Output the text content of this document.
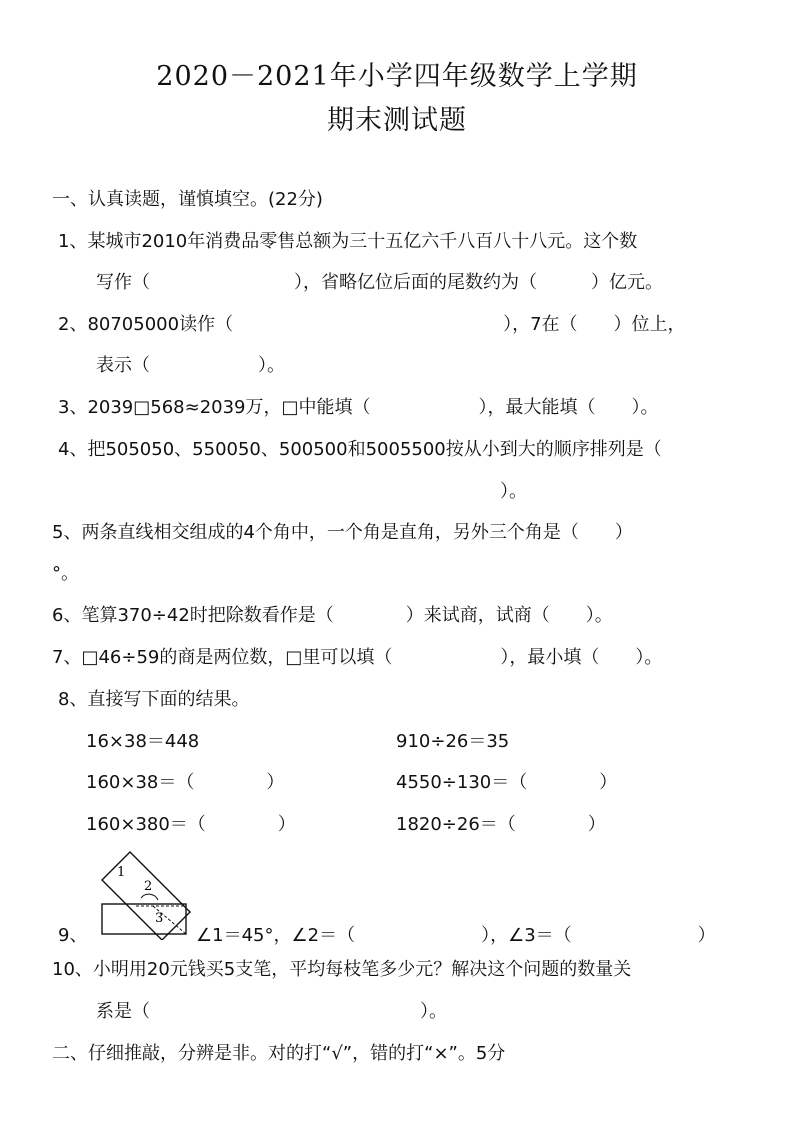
2020－2021年小学四年级数学上学期
期末测试题
一、认真读题，谨慎填空。(22分)
1、某城市2010年消费品零售总额为三十五亿六千八百八十八元。这个数
写作（　　　　　　　　），省略亿位后面的尾数约为（　　　）亿元。
2、80705000读作（　　　　　　　　　　　　　　　），7在（　　）位上，
表示（　　　　　　）。
3、2039□568≈2039万，□中能填（　　　　　　），最大能填（　　）。
4、把505050、550050、500500和5005500按从小到大的顺序排列是（
）。
5、两条直线相交组成的4个角中，一个角是直角，另外三个角是（　　）
°。
6、笔算370÷42时把除数看作是（　　　　）来试商，试商（　　）。
7、□46÷59的商是两位数，□里可以填（　　　　　　），最小填（　　）。
8、直接写下面的结果。
16×38＝448	910÷26＝35
160×38＝（　　　　）	4550÷130＝（　　　　）
160×380＝（　　　　）	1820÷26＝（　　　　）
9、
1
2
3
∠1＝45°，∠2＝（　　　　　　　），∠3＝（　　　　　　　）
10、小明用20元钱买5支笔，平均每枝笔多少元？解决这个问题的数量关
系是（　　　　　　　　　　　　　　　）。
二、仔细推敲，分辨是非。对的打“√”，错的打“×”。5分
